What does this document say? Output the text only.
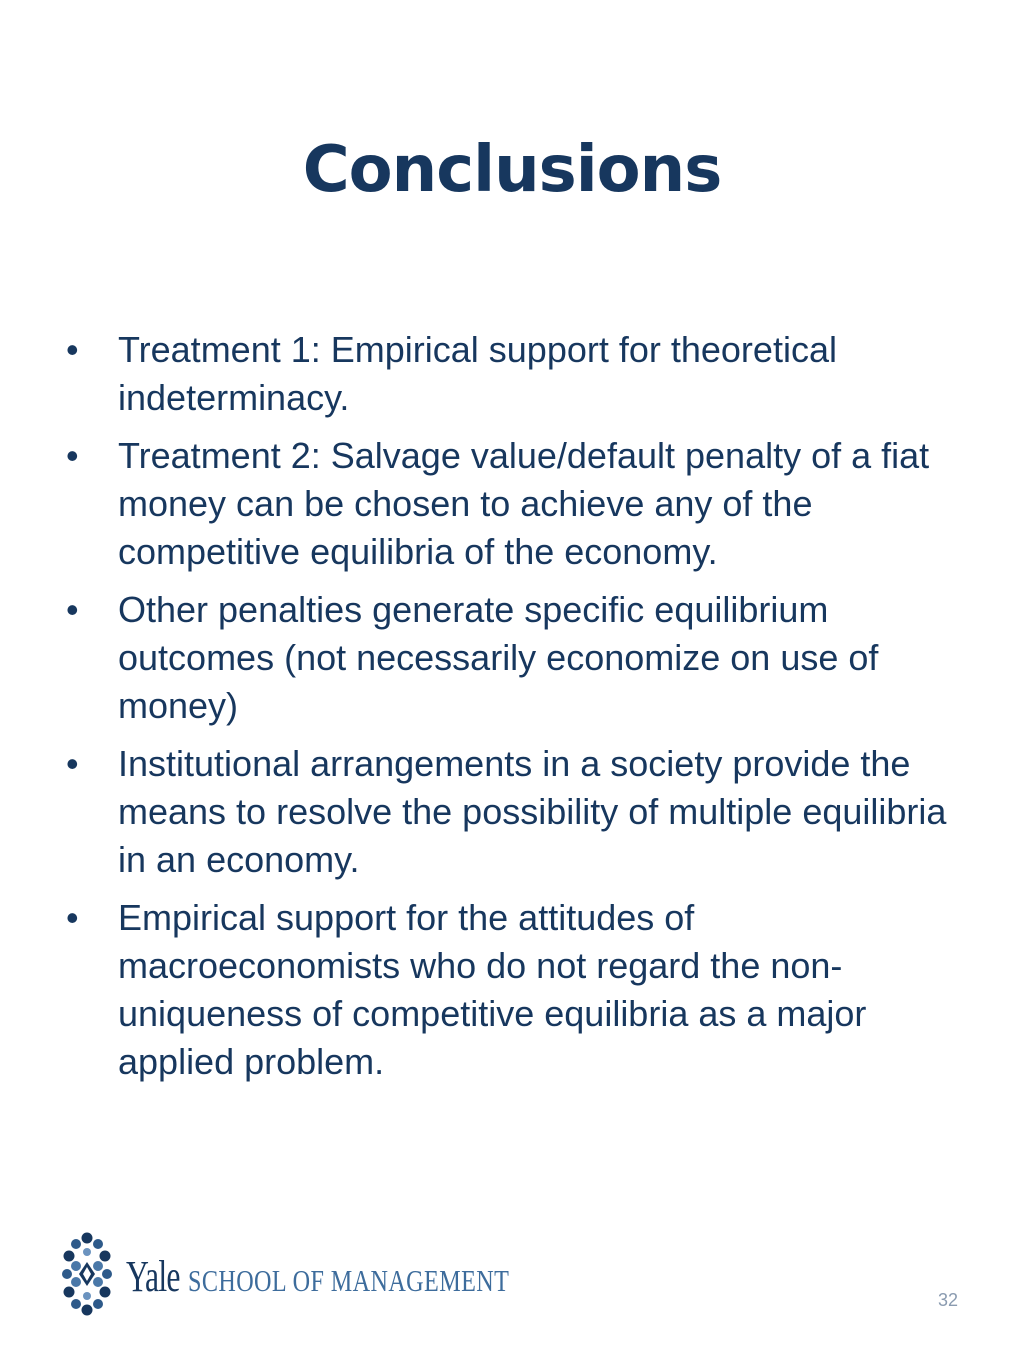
Conclusions
• Treatment 1: Empirical support for theoretical indeterminacy.
• Treatment 2: Salvage value/default penalty of a fiat money can be chosen to achieve any of the competitive equilibria of the economy.
• Other penalties generate specific equilibrium outcomes (not necessarily economize on use of money)
• Institutional arrangements in a society provide the means to resolve the possibility of multiple equilibria in an economy.
• Empirical support for the attitudes of macroeconomists who do not regard the non-uniqueness of competitive equilibria as a major applied problem.
Yale SCHOOL OF MANAGEMENT
32
